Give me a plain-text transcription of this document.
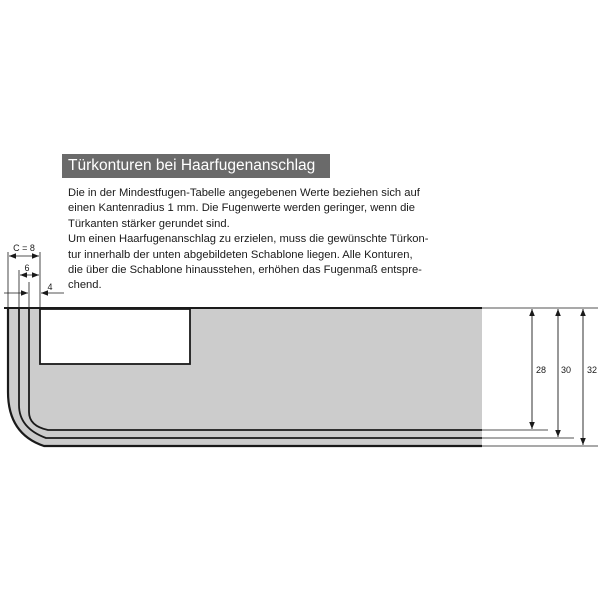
Türkonturen bei Haarfugenanschlag
Die in der Mindestfugen-Tabelle angegebenen Werte beziehen sich auf
einen Kantenradius 1 mm. Die Fugenwerte werden geringer, wenn die
Türkanten stärker gerundet sind.
Um einen Haarfugenanschlag zu erzielen, muss die gewünschte Türkon-
tur innerhalb der unten abgebildeten Schablone liegen. Alle Konturen,
die über die Schablone hinausstehen, erhöhen das Fugenmaß entspre-
chend.
28 30 32
C = 8
6
4
